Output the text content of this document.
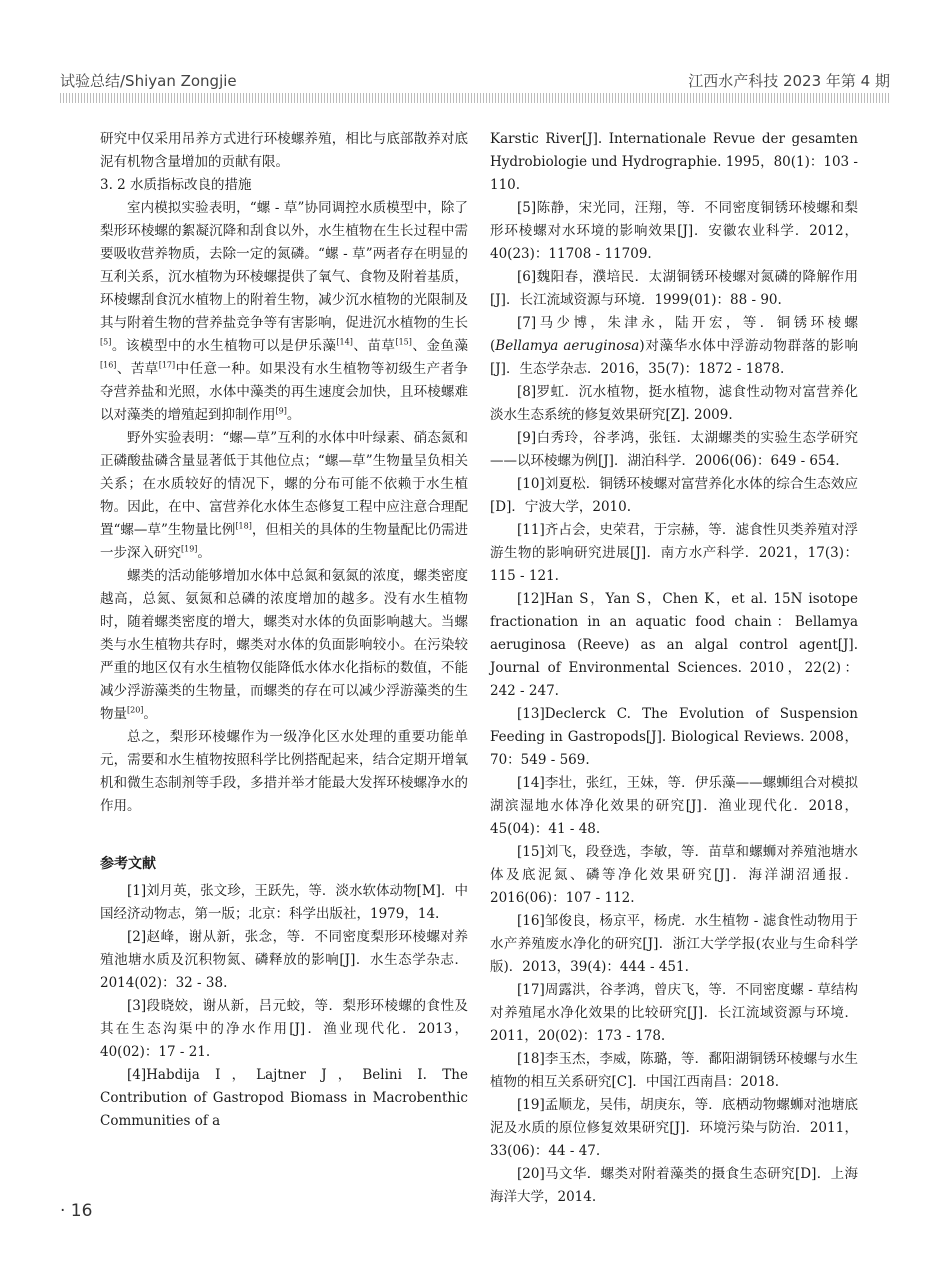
试验总结/Shiyan Zongjie	江西水产科技 2023 年第 4 期

研究中仅采用吊养方式进行环棱螺养殖，相比与底部散养对底泥有机物含量增加的贡献有限。

3. 2 水质指标改良的措施

室内模拟实验表明，“螺 - 草”协同调控水质模型中，除了梨形环棱螺的絮凝沉降和刮食以外，水生植物在生长过程中需要吸收营养物质，去除一定的氮磷。“螺 - 草”两者存在明显的互利关系，沉水植物为环棱螺提供了氧气、食物及附着基质，环棱螺刮食沉水植物上的附着生物，减少沉水植物的光限制及其与附着生物的营养盐竞争等有害影响，促进沉水植物的生长[5]。该模型中的水生植物可以是伊乐藻[14]、苗草[15]、金鱼藻[16]、苦草[17]中任意一种。如果没有水生植物等初级生产者争夺营养盐和光照，水体中藻类的再生速度会加快，且环棱螺难以对藻类的增殖起到抑制作用[9]。

野外实验表明：“螺—草”互利的水体中叶绿素、硝态氮和正磷酸盐磷含量显著低于其他位点；“螺—草”生物量呈负相关关系；在水质较好的情况下，螺的分布可能不依赖于水生植物。因此，在中、富营养化水体生态修复工程中应注意合理配置“螺—草”生物量比例[18]，但相关的具体的生物量配比仍需进一步深入研究[19]。

螺类的活动能够增加水体中总氮和氨氮的浓度，螺类密度越高，总氮、氨氮和总磷的浓度增加的越多。没有水生植物时，随着螺类密度的增大，螺类对水体的负面影响越大。当螺类与水生植物共存时，螺类对水体的负面影响较小。在污染较严重的地区仅有水生植物仅能降低水体水化指标的数值，不能减少浮游藻类的生物量，而螺类的存在可以减少浮游藻类的生物量[20]。

总之，梨形环棱螺作为一级净化区水处理的重要功能单元，需要和水生植物按照科学比例搭配起来，结合定期开增氧机和微生态制剂等手段，多措并举才能最大发挥环棱螺净水的作用。

参考文献

[1]刘月英，张文珍，王跃先，等．淡水软体动物[M]．中国经济动物志，第一版；北京：科学出版社，1979，14.

[2]赵峰，谢从新，张念，等．不同密度梨形环棱螺对养殖池塘水质及沉积物氮、磷释放的影响[J]．水生态学杂志．2014(02)：32 - 38.

[3]段晓姣，谢从新，吕元蛟，等．梨形环棱螺的食性及其在生态沟渠中的净水作用[J]．渔业现代化．2013，40(02)：17 - 21.

[4]Habdija I，Lajtner J，Belini I. The Contribution of Gastropod Biomass in Macrobenthic Communities of a

Karstic River[J]. Internationale Revue der gesamten Hydrobiologie und Hydrographie. 1995，80(1)：103 - 110.

[5]陈静，宋光同，汪翔，等．不同密度铜锈环棱螺和梨形环棱螺对水环境的影响效果[J]．安徽农业科学．2012，40(23)：11708 - 11709.

[6]魏阳春，濮培民．太湖铜锈环棱螺对氮磷的降解作用[J]．长江流域资源与环境．1999(01)：88 - 90.

[7]马少博，朱津永，陆开宏，等．铜锈环棱螺(Bellamya aeruginosa)对藻华水体中浮游动物群落的影响[J]．生态学杂志．2016，35(7)：1872 - 1878.

[8]罗虹．沉水植物，挺水植物，滤食性动物对富营养化淡水生态系统的修复效果研究[Z]. 2009.

[9]白秀玲，谷孝鸿，张钰．太湖螺类的实验生态学研究——以环棱螺为例[J]．湖泊科学．2006(06)：649 - 654.

[10]刘夏松．铜锈环棱螺对富营养化水体的综合生态效应[D]．宁波大学，2010.

[11]齐占会，史荣君，于宗赫，等．滤食性贝类养殖对浮游生物的影响研究进展[J]．南方水产科学．2021，17(3)：115 - 121.

[12]Han S，Yan S，Chen K，et al. 15N isotope fractionation in an aquatic food chain：Bellamya aeruginosa (Reeve) as an algal control agent[J]. Journal of Environmental Sciences. 2010，22(2)：242 - 247.

[13]Declerck C. The Evolution of Suspension Feeding in Gastropods[J]. Biological Reviews. 2008，70：549 - 569.

[14]李壮，张红，王妹，等．伊乐藻——螺蛳组合对模拟湖滨湿地水体净化效果的研究[J]．渔业现代化．2018，45(04)：41 - 48.

[15]刘飞，段登选，李敏，等．苗草和螺蛳对养殖池塘水体及底泥氮、磷等净化效果研究[J]．海洋湖沼通报．2016(06)：107 - 112.

[16]邹俊良，杨京平，杨虎．水生植物 - 滤食性动物用于水产养殖废水净化的研究[J]．浙江大学学报(农业与生命科学版)．2013，39(4)：444 - 451.

[17]周露洪，谷孝鸿，曾庆飞，等．不同密度螺 - 草结构对养殖尾水净化效果的比较研究[J]．长江流域资源与环境．2011，20(02)：173 - 178.

[18]李玉杰，李威，陈璐，等．鄱阳湖铜锈环棱螺与水生植物的相互关系研究[C]．中国江西南昌：2018.

[19]孟顺龙，吴伟，胡庚东，等．底栖动物螺蛳对池塘底泥及水质的原位修复效果研究[J]．环境污染与防治．2011，33(06)：44 - 47.

[20]马文华．螺类对附着藻类的摄食生态研究[D]．上海海洋大学，2014.

· 16
